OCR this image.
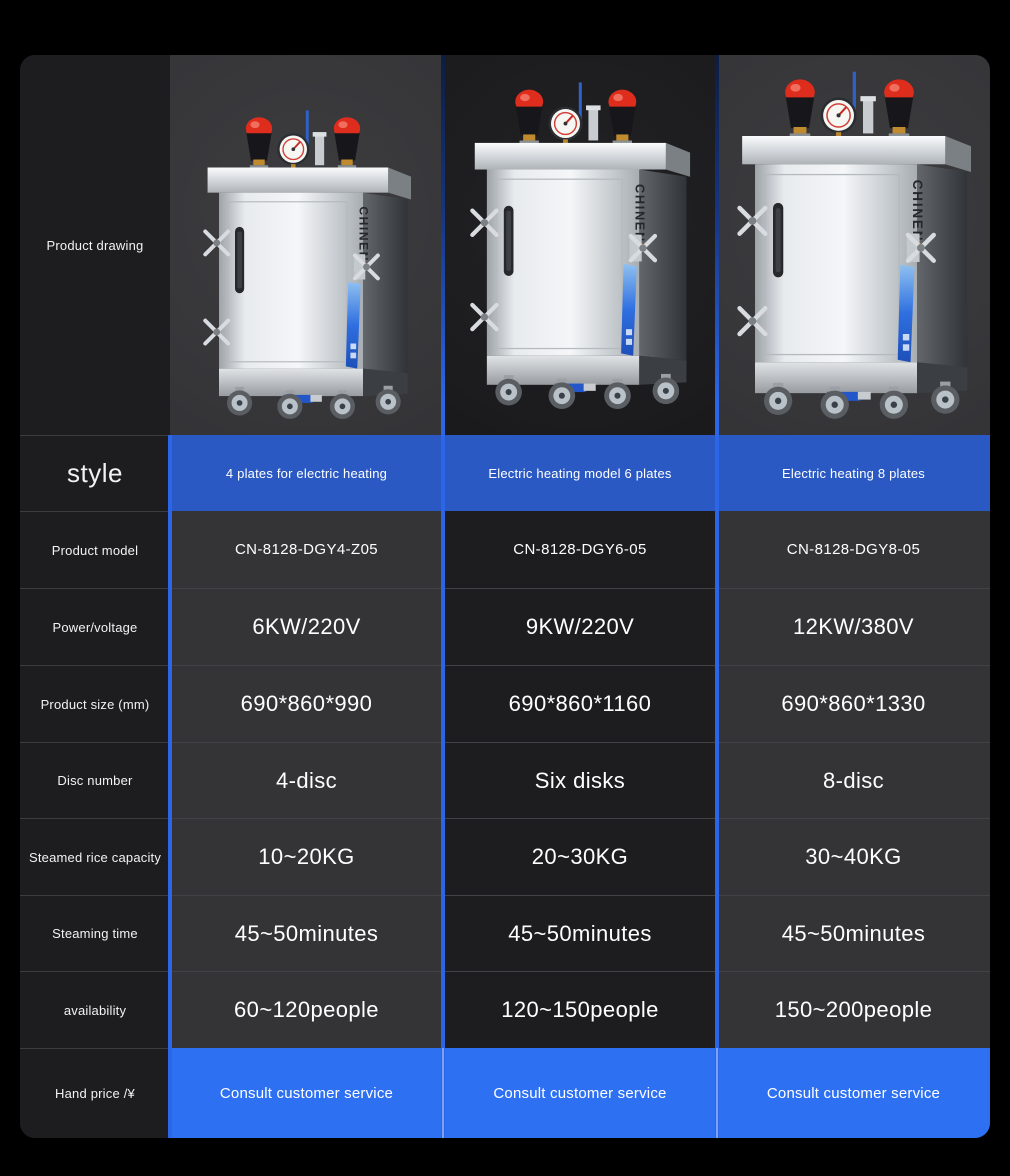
Product drawing
style	4 plates for electric heating	Electric heating model 6 plates	Electric heating 8 plates
Product model	CN-8128-DGY4-Z05	CN-8128-DGY6-05	CN-8128-DGY8-05
Power/voltage	6KW/220V	9KW/220V	12KW/380V
Product size (mm)	690*860*990	690*860*1160	690*860*1330
Disc number	4-disc	Six disks	8-disc
Steamed rice capacity	10~20KG	20~30KG	30~40KG
Steaming time	45~50minutes	45~50minutes	45~50minutes
availability	60~120people	120~150people	150~200people
Hand price /¥	Consult customer service	Consult customer service	Consult customer service
